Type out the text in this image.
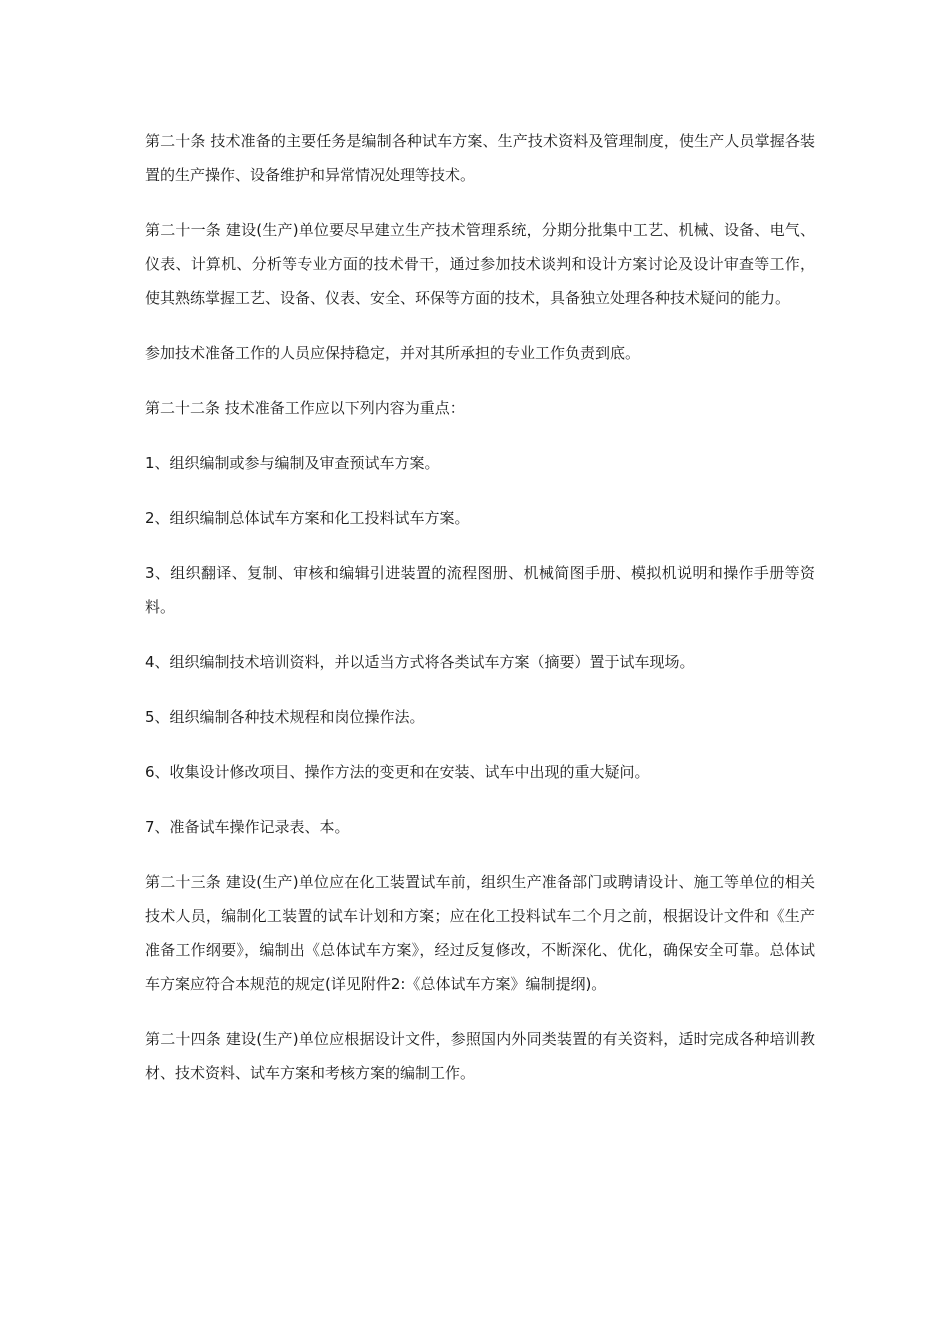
第二十条 技术准备的主要任务是编制各种试车方案、生产技术资料及管理制度，使生产人员掌握各装置的生产操作、设备维护和异常情况处理等技术。

第二十一条 建设(生产)单位要尽早建立生产技术管理系统，分期分批集中工艺、机械、设备、电气、仪表、计算机、分析等专业方面的技术骨干，通过参加技术谈判和设计方案讨论及设计审查等工作，使其熟练掌握工艺、设备、仪表、安全、环保等方面的技术，具备独立处理各种技术疑问的能力。

参加技术准备工作的人员应保持稳定，并对其所承担的专业工作负责到底。

第二十二条 技术准备工作应以下列内容为重点：

1、组织编制或参与编制及审查预试车方案。

2、组织编制总体试车方案和化工投料试车方案。

3、组织翻译、复制、审核和编辑引进装置的流程图册、机械简图手册、模拟机说明和操作手册等资料。

4、组织编制技术培训资料，并以适当方式将各类试车方案（摘要）置于试车现场。

5、组织编制各种技术规程和岗位操作法。

6、收集设计修改项目、操作方法的变更和在安装、试车中出现的重大疑问。

7、准备试车操作记录表、本。

第二十三条 建设(生产)单位应在化工装置试车前，组织生产准备部门或聘请设计、施工等单位的相关技术人员，编制化工装置的试车计划和方案；应在化工投料试车二个月之前，根据设计文件和《生产准备工作纲要》，编制出《总体试车方案》，经过反复修改，不断深化、优化，确保安全可靠。总体试车方案应符合本规范的规定(详见附件2:《总体试车方案》编制提纲)。

第二十四条 建设(生产)单位应根据设计文件，参照国内外同类装置的有关资料，适时完成各种培训教材、技术资料、试车方案和考核方案的编制工作。
